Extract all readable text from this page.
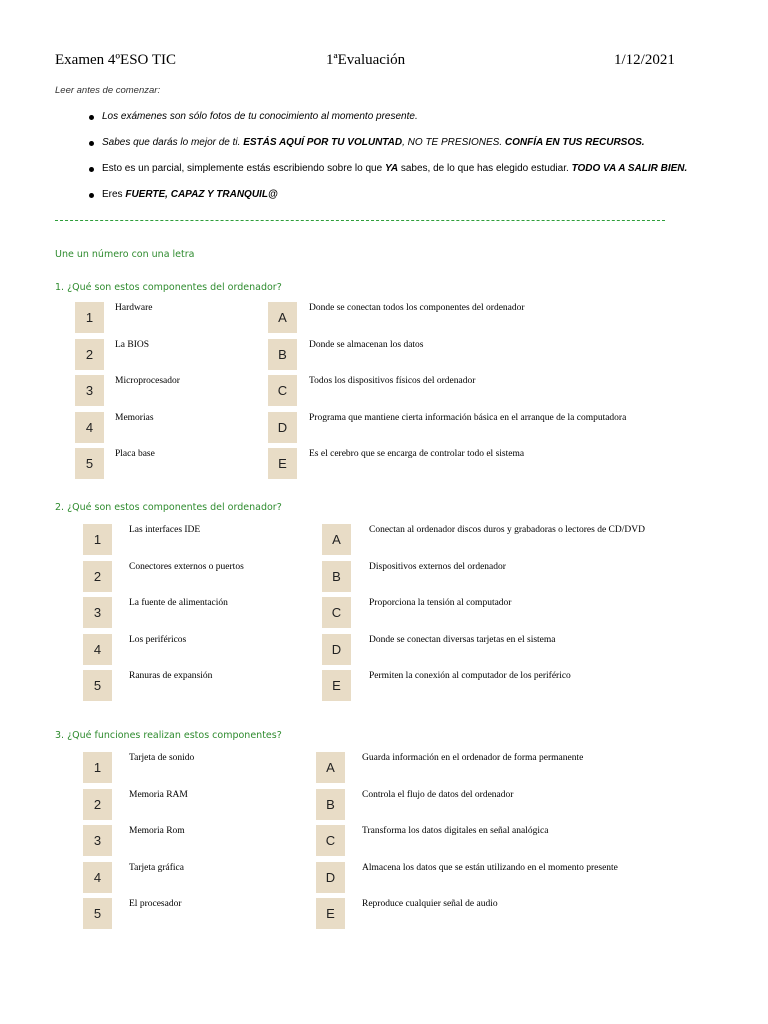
Examen 4ºESO TIC	1ªEvaluación	1/12/2021
Leer antes de comenzar:
Los exámenes son sólo fotos de tu conocimiento al momento presente.
Sabes que darás lo mejor de ti. ESTÁS AQUÍ POR TU VOLUNTAD, NO TE PRESIONES. CONFÍA EN TUS RECURSOS.
Esto es un parcial, simplemente estás escribiendo sobre lo que YA sabes, de lo que has elegido estudiar. TODO VA A SALIR BIEN.
Eres FUERTE, CAPAZ Y TRANQUIL@
Une un número con una letra
1. ¿Qué son estos componentes del ordenador?
2. ¿Qué son estos componentes del ordenador?
3. ¿Qué funciones realizan estos componentes?
1
Hardware
A
Donde se conectan todos los componentes del ordenador
2
La BIOS
B
Donde se almacenan los datos
3
Microprocesador
C
Todos los dispositivos físicos del ordenador
4
Memorias
D
Programa que mantiene cierta información básica en el arranque de la computadora
5
Placa base
E
Es el cerebro que se encarga de controlar todo el sistema
1
Las interfaces IDE
A
Conectan al ordenador discos duros y grabadoras o lectores de CD/DVD
2
Conectores externos o puertos
B
Dispositivos externos del ordenador
3
La fuente de alimentación
C
Proporciona la tensión al computador
4
Los periféricos
D
Donde se conectan diversas tarjetas en el sistema
5
Ranuras de expansión
E
Permiten la conexión al computador de los periférico
1
Tarjeta de sonido
A
Guarda información en el ordenador de forma permanente
2
Memoria RAM
B
Controla el flujo de datos del ordenador
3
Memoria Rom
C
Transforma los datos digitales en señal analógica
4
Tarjeta gráfica
D
Almacena los datos que se están utilizando en el momento presente
5
El procesador
E
Reproduce cualquier señal de audio
